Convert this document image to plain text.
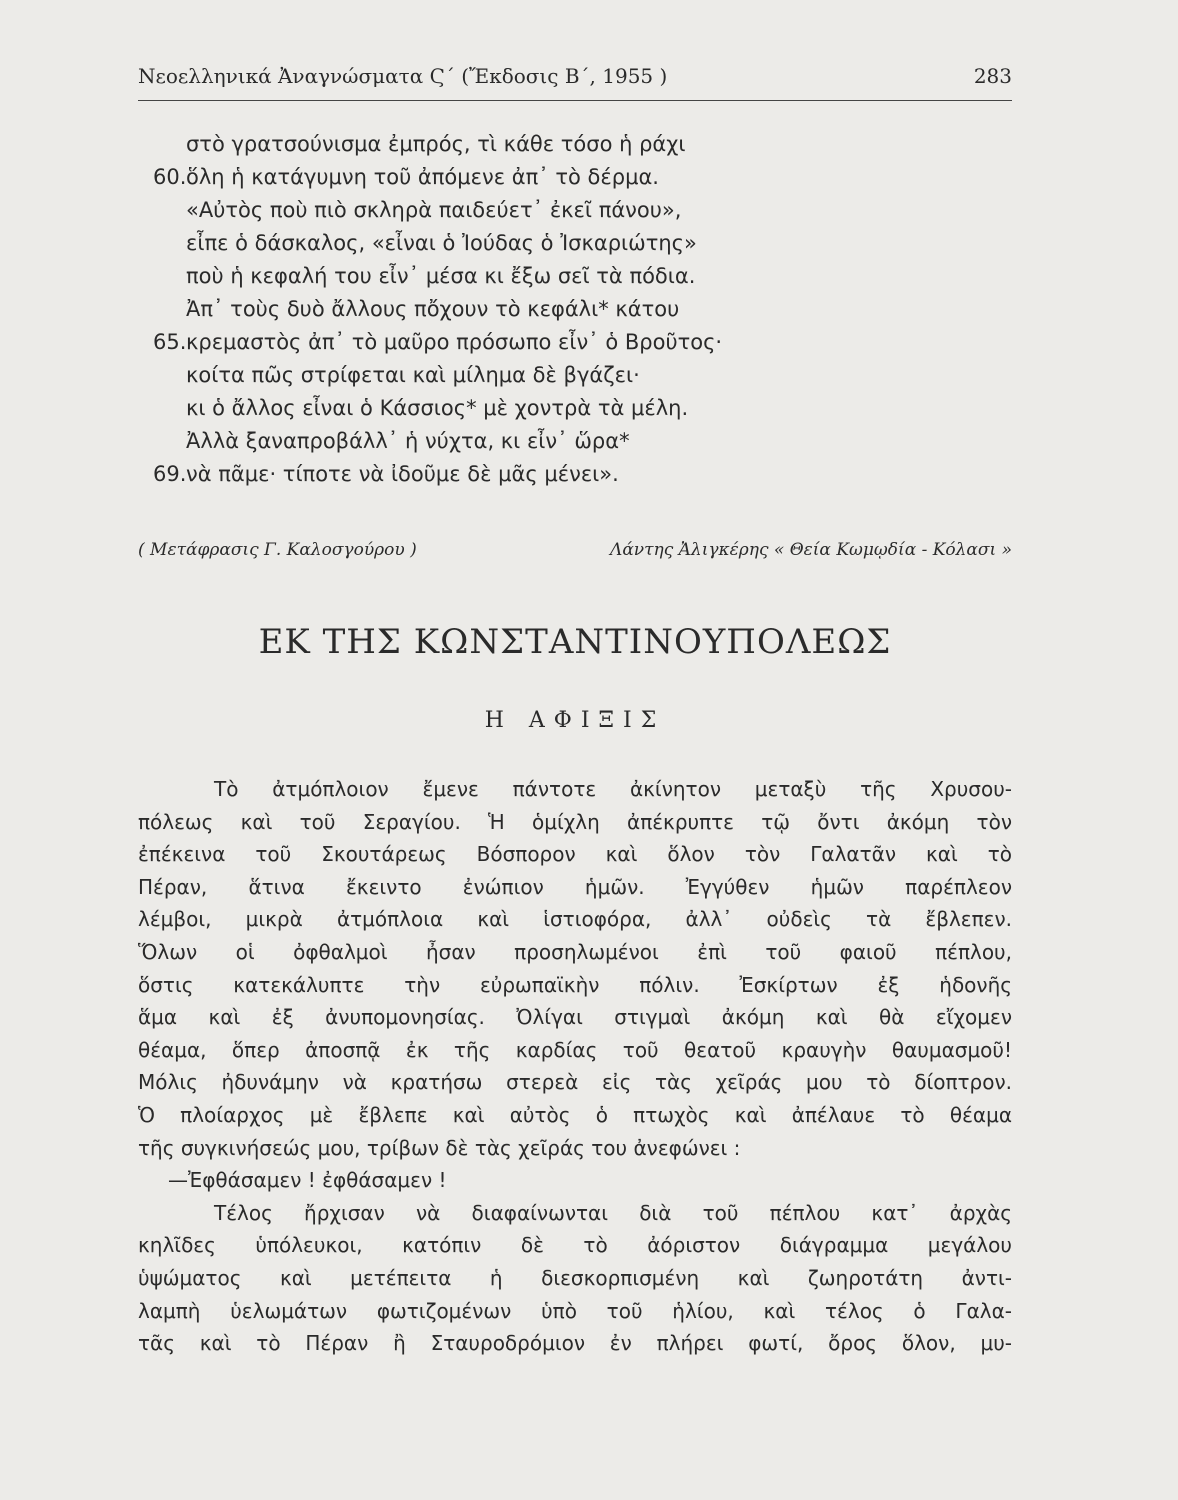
Νεοελληνικά Ἀναγνώσματα Ϛ΄ (Ἔκδοσις Β΄, 1955 )	283
στὸ γρατσούνισμα ἐμπρός, τὶ κάθε τόσο ἡ ράχι
60. ὅλη ἡ κατάγυμνη τοῦ ἀπόμενε ἀπ᾽ τὸ δέρμα.
«Αὐτὸς ποὺ πιὸ σκληρὰ παιδεύετ᾽ ἐκεῖ πάνου»,
εἶπε ὁ δάσκαλος, «εἶναι ὁ Ἰούδας ὁ Ἰσκαριώτης»
ποὺ ἡ κεφαλή του εἶν᾽ μέσα κι ἔξω σεῖ τὰ πόδια.
Ἀπ᾽ τοὺς δυὸ ἄλλους πὄχουν τὸ κεφάλι* κάτου
65. κρεμαστὸς ἀπ᾽ τὸ μαῦρο πρόσωπο εἶν᾽ ὁ Βροῦτος·
κοίτα πῶς στρίφεται καὶ μίλημα δὲ βγάζει·
κι ὁ ἄλλος εἶναι ὁ Κάσσιος* μὲ χοντρὰ τὰ μέλη.
Ἀλλὰ ξαναπροβάλλ᾽ ἡ νύχτα, κι εἶν᾽ ὥρα*
69. νὰ πᾶμε· τίποτε νὰ ἰδοῦμε δὲ μᾶς μένει».
( Μετάφρασις Γ. Καλοσγούρου )	Λάντης Ἀλιγκέρης « Θεία Κωμῳδία - Κόλασι »
ΕΚ ΤΗΣ ΚΩΝΣΤΑΝΤΙΝΟΥΠΟΛΕΩΣ
Η ΑΦΙΞΙΣ
Τὸ ἀτμόπλοιον ἔμενε πάντοτε ἀκίνητον μεταξὺ τῆς Χρυσου-
πόλεως καὶ τοῦ Σεραγίου. Ἡ ὁμίχλη ἀπέκρυπτε τῷ ὄντι ἀκόμη τὸν
ἐπέκεινα τοῦ Σκουτάρεως Βόσπορον καὶ ὅλον τὸν Γαλατᾶν καὶ τὸ
Πέραν, ἅτινα ἔκειντο ἐνώπιον ἡμῶν. Ἐγγύθεν ἡμῶν παρέπλεον
λέμβοι, μικρὰ ἀτμόπλοια καὶ ἱστιοφόρα, ἀλλ᾽ οὐδεὶς τὰ ἔβλεπεν.
Ὅλων οἱ ὀφθαλμοὶ ἦσαν προσηλωμένοι ἐπὶ τοῦ φαιοῦ πέπλου,
ὅστις κατεκάλυπτε τὴν εὐρωπαϊκὴν πόλιν. Ἐσκίρτων ἐξ ἡδονῆς
ἅμα καὶ ἐξ ἀνυπομονησίας. Ὀλίγαι στιγμαὶ ἀκόμη καὶ θὰ εἴχομεν
θέαμα, ὅπερ ἀποσπᾷ ἐκ τῆς καρδίας τοῦ θεατοῦ κραυγὴν θαυμασμοῦ!
Μόλις ἠδυνάμην νὰ κρατήσω στερεὰ εἰς τὰς χεῖράς μου τὸ δίοπτρον.
Ὁ πλοίαρχος μὲ ἔβλεπε καὶ αὐτὸς ὁ πτωχὸς καὶ ἀπέλαυε τὸ θέαμα
τῆς συγκινήσεώς μου, τρίβων δὲ τὰς χεῖράς του ἀνεφώνει :
—Ἐφθάσαμεν ! ἐφθάσαμεν !
Τέλος ἤρχισαν νὰ διαφαίνωνται διὰ τοῦ πέπλου κατ᾽ ἀρχὰς
κηλῖδες ὑπόλευκοι, κατόπιν δὲ τὸ ἀόριστον διάγραμμα μεγάλου
ὑψώματος καὶ μετέπειτα ἡ διεσκορπισμένη καὶ ζωηροτάτη ἀντι-
λαμπὴ ὑελωμάτων φωτιζομένων ὑπὸ τοῦ ἡλίου, καὶ τέλος ὁ Γαλα-
τᾶς καὶ τὸ Πέραν ἢ Σταυροδρόμιον ἐν πλήρει φωτί, ὄρος ὅλον, μυ-
